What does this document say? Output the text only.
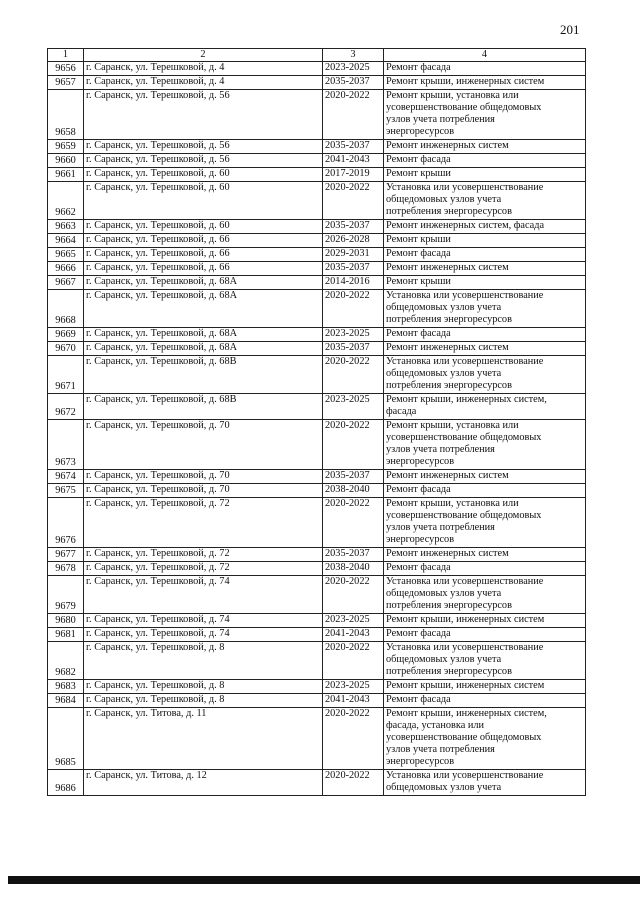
201
1	2	3	4
9656	г. Саранск, ул. Терешковой, д. 4	2023-2025	Ремонт фасада
9657	г. Саранск, ул. Терешковой, д. 4	2035-2037	Ремонт крыши, инженерных систем
9658	г. Саранск, ул. Терешковой, д. 56	2020-2022	Ремонт крыши, установка или
усовершенствование общедомовых
узлов учета потребления
энергоресурсов
9659	г. Саранск, ул. Терешковой, д. 56	2035-2037	Ремонт инженерных систем
9660	г. Саранск, ул. Терешковой, д. 56	2041-2043	Ремонт фасада
9661	г. Саранск, ул. Терешковой, д. 60	2017-2019	Ремонт крыши
9662	г. Саранск, ул. Терешковой, д. 60	2020-2022	Установка или усовершенствование
общедомовых узлов учета
потребления энергоресурсов
9663	г. Саранск, ул. Терешковой, д. 60	2035-2037	Ремонт инженерных систем, фасада
9664	г. Саранск, ул. Терешковой, д. 66	2026-2028	Ремонт крыши
9665	г. Саранск, ул. Терешковой, д. 66	2029-2031	Ремонт фасада
9666	г. Саранск, ул. Терешковой, д. 66	2035-2037	Ремонт инженерных систем
9667	г. Саранск, ул. Терешковой, д. 68А	2014-2016	Ремонт крыши
9668	г. Саранск, ул. Терешковой, д. 68А	2020-2022	Установка или усовершенствование
общедомовых узлов учета
потребления энергоресурсов
9669	г. Саранск, ул. Терешковой, д. 68А	2023-2025	Ремонт фасада
9670	г. Саранск, ул. Терешковой, д. 68А	2035-2037	Ремонт инженерных систем
9671	г. Саранск, ул. Терешковой, д. 68В	2020-2022	Установка или усовершенствование
общедомовых узлов учета
потребления энергоресурсов
9672	г. Саранск, ул. Терешковой, д. 68В	2023-2025	Ремонт крыши, инженерных систем,
фасада
9673	г. Саранск, ул. Терешковой, д. 70	2020-2022	Ремонт крыши, установка или
усовершенствование общедомовых
узлов учета потребления
энергоресурсов
9674	г. Саранск, ул. Терешковой, д. 70	2035-2037	Ремонт инженерных систем
9675	г. Саранск, ул. Терешковой, д. 70	2038-2040	Ремонт фасада
9676	г. Саранск, ул. Терешковой, д. 72	2020-2022	Ремонт крыши, установка или
усовершенствование общедомовых
узлов учета потребления
энергоресурсов
9677	г. Саранск, ул. Терешковой, д. 72	2035-2037	Ремонт инженерных систем
9678	г. Саранск, ул. Терешковой, д. 72	2038-2040	Ремонт фасада
9679	г. Саранск, ул. Терешковой, д. 74	2020-2022	Установка или усовершенствование
общедомовых узлов учета
потребления энергоресурсов
9680	г. Саранск, ул. Терешковой, д. 74	2023-2025	Ремонт крыши, инженерных систем
9681	г. Саранск, ул. Терешковой, д. 74	2041-2043	Ремонт фасада
9682	г. Саранск, ул. Терешковой, д. 8	2020-2022	Установка или усовершенствование
общедомовых узлов учета
потребления энергоресурсов
9683	г. Саранск, ул. Терешковой, д. 8	2023-2025	Ремонт крыши, инженерных систем
9684	г. Саранск, ул. Терешковой, д. 8	2041-2043	Ремонт фасада
9685	г. Саранск, ул. Титова, д. 11	2020-2022	Ремонт крыши, инженерных систем,
фасада, установка или
усовершенствование общедомовых
узлов учета потребления
энергоресурсов
9686	г. Саранск, ул. Титова, д. 12	2020-2022	Установка или усовершенствование
общедомовых узлов учета
